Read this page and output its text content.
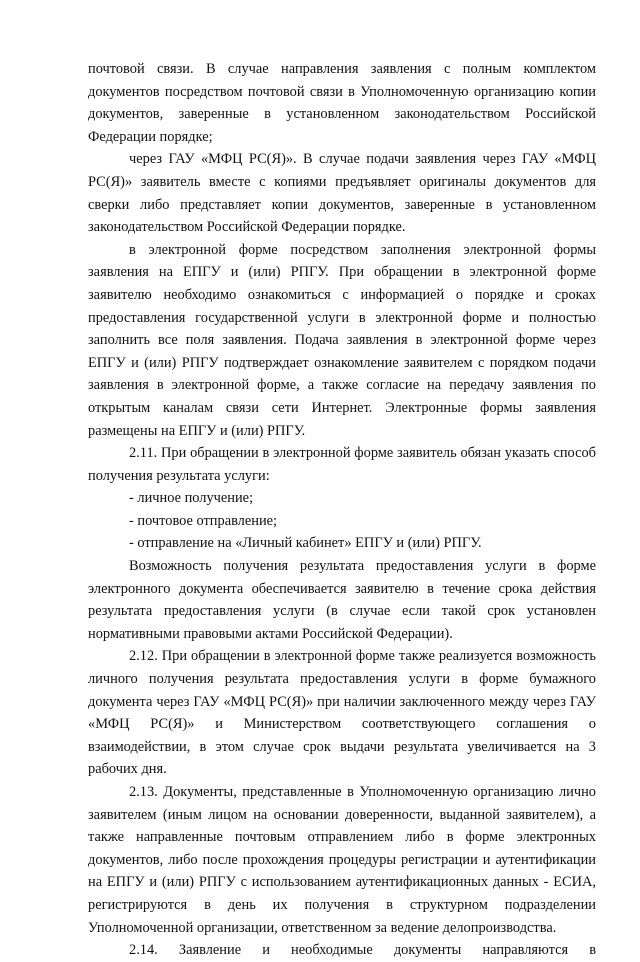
почтовой связи. В случае направления заявления с полным комплектом документов посредством почтовой связи в Уполномоченную организацию копии документов, заверенные в установленном законодательством Российской Федерации порядке;

через ГАУ «МФЦ РС(Я)». В случае подачи заявления через ГАУ «МФЦ РС(Я)» заявитель вместе с копиями предъявляет оригиналы документов для сверки либо представляет копии документов, заверенные в установленном законодательством Российской Федерации порядке.

в электронной форме посредством заполнения электронной формы заявления на ЕПГУ и (или) РПГУ. При обращении в электронной форме заявителю необходимо ознакомиться с информацией о порядке и сроках предоставления государственной услуги в электронной форме и полностью заполнить все поля заявления. Подача заявления в электронной форме через ЕПГУ и (или) РПГУ подтверждает ознакомление заявителем с порядком подачи заявления в электронной форме, а также согласие на передачу заявления по открытым каналам связи сети Интернет. Электронные формы заявления размещены на ЕПГУ и (или) РПГУ.

2.11. При обращении в электронной форме заявитель обязан указать способ получения результата услуги:

- личное получение;

- почтовое отправление;

- отправление на «Личный кабинет» ЕПГУ и (или) РПГУ.

Возможность получения результата предоставления услуги в форме электронного документа обеспечивается заявителю в течение срока действия результата предоставления услуги (в случае если такой срок установлен нормативными правовыми актами Российской Федерации).

2.12. При обращении в электронной форме также реализуется возможность личного получения результата предоставления услуги в форме бумажного документа через ГАУ «МФЦ РС(Я)» при наличии заключенного между через ГАУ «МФЦ РС(Я)» и Министерством соответствующего соглашения о взаимодействии, в этом случае срок выдачи результата увеличивается на 3 рабочих дня.

2.13. Документы, представленные в Уполномоченную организацию лично заявителем (иным лицом на основании доверенности, выданной заявителем), а также направленные почтовым отправлением либо в форме электронных документов, либо после прохождения процедуры регистрации и аутентификации на ЕПГУ и (или) РПГУ с использованием аутентификационных данных - ЕСИА, регистрируются в день их получения в структурном подразделении Уполномоченной организации, ответственном за ведение делопроизводства.

2.14. Заявление и необходимые документы направляются в
